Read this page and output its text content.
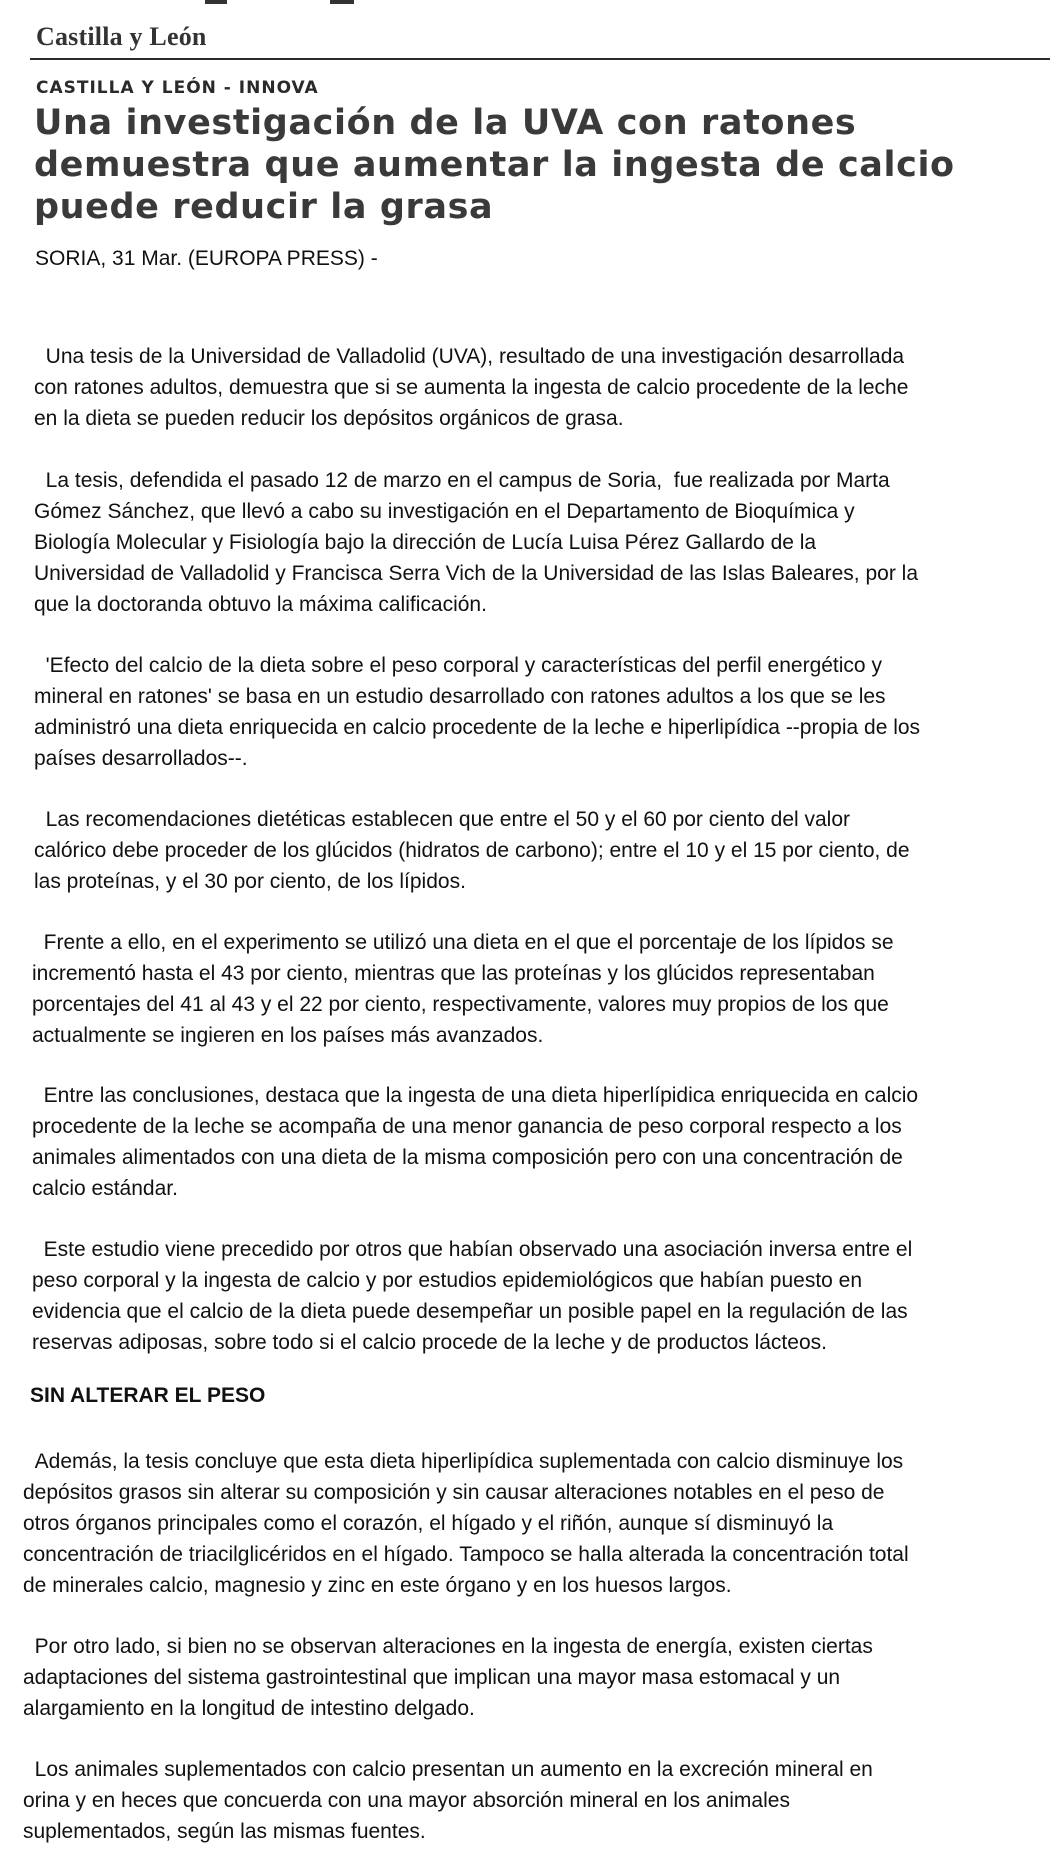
Castilla y León
CASTILLA Y LEÓN - INNOVA
Una investigación de la UVA con ratones demuestra que aumentar la ingesta de calcio puede reducir la grasa
SORIA, 31 Mar. (EUROPA PRESS) -

Una tesis de la Universidad de Valladolid (UVA), resultado de una investigación desarrollada
con ratones adultos, demuestra que si se aumenta la ingesta de calcio procedente de la leche
en la dieta se pueden reducir los depósitos orgánicos de grasa.

La tesis, defendida el pasado 12 de marzo en el campus de Soria,  fue realizada por Marta
Gómez Sánchez, que llevó a cabo su investigación en el Departamento de Bioquímica y
Biología Molecular y Fisiología bajo la dirección de Lucía Luisa Pérez Gallardo de la
Universidad de Valladolid y Francisca Serra Vich de la Universidad de las Islas Baleares, por la
que la doctoranda obtuvo la máxima calificación.

'Efecto del calcio de la dieta sobre el peso corporal y características del perfil energético y
mineral en ratones' se basa en un estudio desarrollado con ratones adultos a los que se les
administró una dieta enriquecida en calcio procedente de la leche e hiperlipídica --propia de los
países desarrollados--.

Las recomendaciones dietéticas establecen que entre el 50 y el 60 por ciento del valor
calórico debe proceder de los glúcidos (hidratos de carbono); entre el 10 y el 15 por ciento, de
las proteínas, y el 30 por ciento, de los lípidos.

Frente a ello, en el experimento se utilizó una dieta en el que el porcentaje de los lípidos se
incrementó hasta el 43 por ciento, mientras que las proteínas y los glúcidos representaban
porcentajes del 41 al 43 y el 22 por ciento, respectivamente, valores muy propios de los que
actualmente se ingieren en los países más avanzados.

Entre las conclusiones, destaca que la ingesta de una dieta hiperlípidica enriquecida en calcio
procedente de la leche se acompaña de una menor ganancia de peso corporal respecto a los
animales alimentados con una dieta de la misma composición pero con una concentración de
calcio estándar.

Este estudio viene precedido por otros que habían observado una asociación inversa entre el
peso corporal y la ingesta de calcio y por estudios epidemiológicos que habían puesto en
evidencia que el calcio de la dieta puede desempeñar un posible papel en la regulación de las
reservas adiposas, sobre todo si el calcio procede de la leche y de productos lácteos.

SIN ALTERAR EL PESO

Además, la tesis concluye que esta dieta hiperlipídica suplementada con calcio disminuye los
depósitos grasos sin alterar su composición y sin causar alteraciones notables en el peso de
otros órganos principales como el corazón, el hígado y el riñón, aunque sí disminuyó la
concentración de triacilglicéridos en el hígado. Tampoco se halla alterada la concentración total
de minerales calcio, magnesio y zinc en este órgano y en los huesos largos.

Por otro lado, si bien no se observan alteraciones en la ingesta de energía, existen ciertas
adaptaciones del sistema gastrointestinal que implican una mayor masa estomacal y un
alargamiento en la longitud de intestino delgado.

Los animales suplementados con calcio presentan un aumento en la excreción mineral en
orina y en heces que concuerda con una mayor absorción mineral en los animales
suplementados, según las mismas fuentes.
